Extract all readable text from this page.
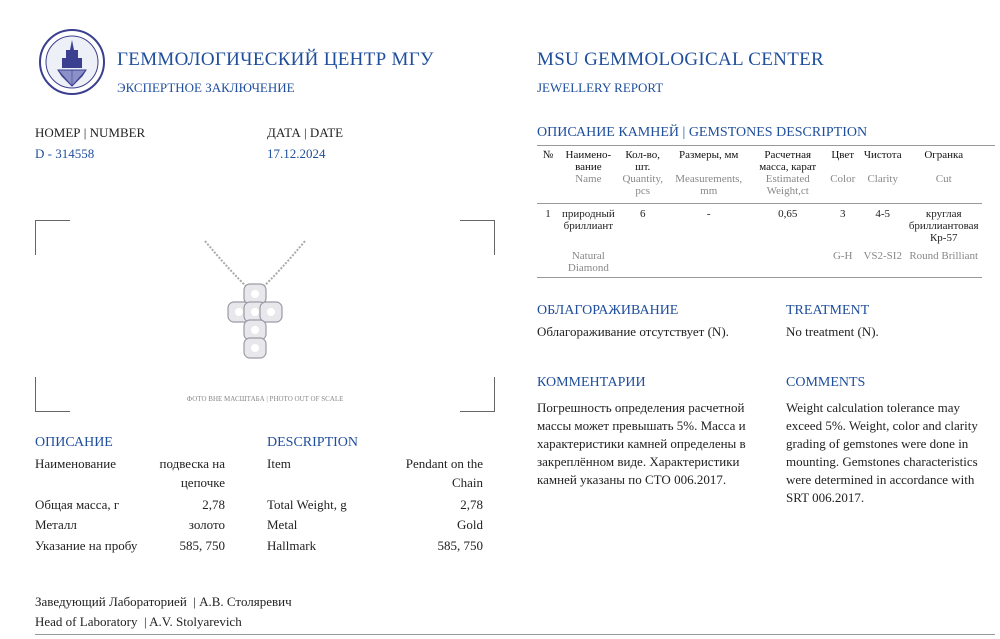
ГЕММОЛОГИЧЕСКИЙ ЦЕНТР МГУ
ЭКСПЕРТНОЕ ЗАКЛЮЧЕНИЕ
MSU GEMMOLOGICAL CENTER
JEWELLERY REPORT
НОМЕР | NUMBER
D - 314558
ДАТА | DATE
17.12.2024
ФОТО ВНЕ МАСШТАБА | PHOTO OUT OF SCALE
ОПИСАНИЕ	DESCRIPTION
Наименование	подвеска на
цепочке
Общая масса, г	2,78
Металл	золото
Указание на пробу	585, 750
Item	Pendant on the
Chain
Total Weight, g	2,78
Metal	Gold
Hallmark	585, 750
Заведующий Лабораторией  | А.В. Столяревич
Head of Laboratory  | A.V. Stolyarevich
ОПИСАНИЕ КАМНЕЙ | GEMSTONES DESCRIPTION
№	Наимено-вание	Кол-во, шт.	Размеры, мм	Расчетная масса, карат	Цвет	Чистота	Огранка
	Name	Quantity, pcs	Measurements, mm	Estimated Weight,ct	Color	Clarity	Cut

1	природный бриллиант	6	-	0,65	3	4-5	круглая бриллиантовая Кр-57

	Natural Diamond				G-H	VS2-SI2	Round Brilliant

ОБЛАГОРАЖИВАНИЕ
Облагораживание отсутствует (N).
TREATMENT
No treatment (N).
КОММЕНТАРИИ
Погрешность определения расчетной массы может превышать 5%. Масса и характеристики камней определены в закреплённом виде. Характеристики камней указаны по СТО 006.2017.
COMMENTS
Weight calculation tolerance may exceed 5%. Weight, color and clarity grading of gemstones were done in mounting. Gemstones characteristics were determined in accordance with SRT 006.2017.
